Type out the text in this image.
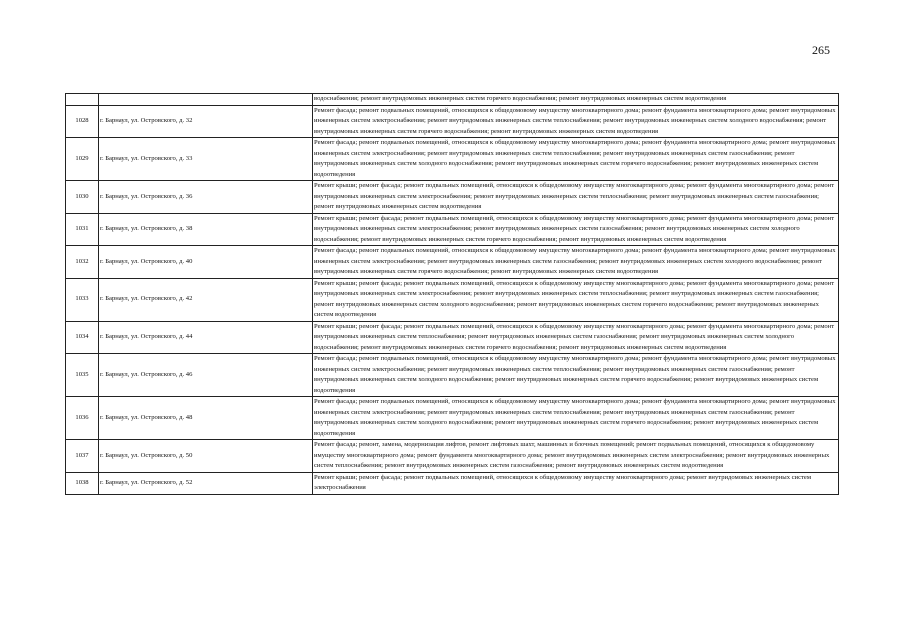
265
		водоснабжения; ремонт внутридомовых инженерных систем горячего водоснабжения; ремонт внутридомовых инженерных систем водоотведения
1028	г. Барнаул, ул. Островского, д. 32	Ремонт фасада; ремонт подвальных помещений, относящихся к общедомовому имуществу многоквартирного дома; ремонт фундамента многоквартирного дома; ремонт внутридомовых инженерных систем электроснабжения; ремонт внутридомовых инженерных систем теплоснабжения; ремонт внутридомовых инженерных систем холодного водоснабжения; ремонт внутридомовых инженерных систем горячего водоснабжения; ремонт внутридомовых инженерных систем водоотведения
1029	г. Барнаул, ул. Островского, д. 33	Ремонт фасада; ремонт подвальных помещений, относящихся к общедомовому имуществу многоквартирного дома; ремонт фундамента многоквартирного дома; ремонт внутридомовых инженерных систем электроснабжения; ремонт внутридомовых инженерных систем теплоснабжения; ремонт внутридомовых инженерных систем газоснабжения; ремонт внутридомовых инженерных систем холодного водоснабжения; ремонт внутридомовых инженерных систем горячего водоснабжения; ремонт внутридомовых инженерных систем водоотведения
1030	г. Барнаул, ул. Островского, д. 36	Ремонт крыши; ремонт фасада; ремонт подвальных помещений, относящихся к общедомовому имуществу многоквартирного дома; ремонт фундамента многоквартирного дома; ремонт внутридомовых инженерных систем электроснабжения; ремонт внутридомовых инженерных систем теплоснабжения; ремонт внутридомовых инженерных систем газоснабжения; ремонт внутридомовых инженерных систем водоотведения
1031	г. Барнаул, ул. Островского, д. 38	Ремонт крыши; ремонт фасада; ремонт подвальных помещений, относящихся к общедомовому имуществу многоквартирного дома; ремонт фундамента многоквартирного дома; ремонт внутридомовых инженерных систем электроснабжения; ремонт внутридомовых инженерных систем газоснабжения; ремонт внутридомовых инженерных систем холодного водоснабжения; ремонт внутридомовых инженерных систем горячего водоснабжения; ремонт внутридомовых инженерных систем водоотведения
1032	г. Барнаул, ул. Островского, д. 40	Ремонт фасада; ремонт подвальных помещений, относящихся к общедомовому имуществу многоквартирного дома; ремонт фундамента многоквартирного дома; ремонт внутридомовых инженерных систем электроснабжения; ремонт внутридомовых инженерных систем газоснабжения; ремонт внутридомовых инженерных систем холодного водоснабжения; ремонт внутридомовых инженерных систем горячего водоснабжения; ремонт внутридомовых инженерных систем водоотведения
1033	г. Барнаул, ул. Островского, д. 42	Ремонт крыши; ремонт фасада; ремонт подвальных помещений, относящихся к общедомовому имуществу многоквартирного дома; ремонт фундамента многоквартирного дома; ремонт внутридомовых инженерных систем электроснабжения; ремонт внутридомовых инженерных систем теплоснабжения; ремонт внутридомовых инженерных систем газоснабжения; ремонт внутридомовых инженерных систем холодного водоснабжения; ремонт внутридомовых инженерных систем горячего водоснабжения; ремонт внутридомовых инженерных систем водоотведения
1034	г. Барнаул, ул. Островского, д. 44	Ремонт крыши; ремонт фасада; ремонт подвальных помещений, относящихся к общедомовому имуществу многоквартирного дома; ремонт фундамента многоквартирного дома; ремонт внутридомовых инженерных систем теплоснабжения; ремонт внутридомовых инженерных систем газоснабжения; ремонт внутридомовых инженерных систем холодного водоснабжения; ремонт внутридомовых инженерных систем горячего водоснабжения; ремонт внутридомовых инженерных систем водоотведения
1035	г. Барнаул, ул. Островского, д. 46	Ремонт фасада; ремонт подвальных помещений, относящихся к общедомовому имуществу многоквартирного дома; ремонт фундамента многоквартирного дома; ремонт внутридомовых инженерных систем электроснабжения; ремонт внутридомовых инженерных систем теплоснабжения; ремонт внутридомовых инженерных систем газоснабжения; ремонт внутридомовых инженерных систем холодного водоснабжения; ремонт внутридомовых инженерных систем горячего водоснабжения; ремонт внутридомовых инженерных систем водоотведения
1036	г. Барнаул, ул. Островского, д. 48	Ремонт фасада; ремонт подвальных помещений, относящихся к общедомовому имуществу многоквартирного дома; ремонт фундамента многоквартирного дома; ремонт внутридомовых инженерных систем электроснабжения; ремонт внутридомовых инженерных систем теплоснабжения; ремонт внутридомовых инженерных систем газоснабжения; ремонт внутридомовых инженерных систем холодного водоснабжения; ремонт внутридомовых инженерных систем горячего водоснабжения; ремонт внутридомовых инженерных систем водоотведения
1037	г. Барнаул, ул. Островского, д. 50	Ремонт фасада; ремонт, замена, модернизация лифтов, ремонт лифтовых шахт, машинных и блочных помещений; ремонт подвальных помещений, относящихся к общедомовому имуществу многоквартирного дома; ремонт фундамента многоквартирного дома; ремонт внутридомовых инженерных систем электроснабжения; ремонт внутридомовых инженерных систем теплоснабжения; ремонт внутридомовых инженерных систем газоснабжения; ремонт внутридомовых инженерных систем водоотведения
1038	г. Барнаул, ул. Островского, д. 52	Ремонт крыши; ремонт фасада; ремонт подвальных помещений, относящихся к общедомовому имуществу многоквартирного дома; ремонт внутридомовых инженерных систем электроснабжения
